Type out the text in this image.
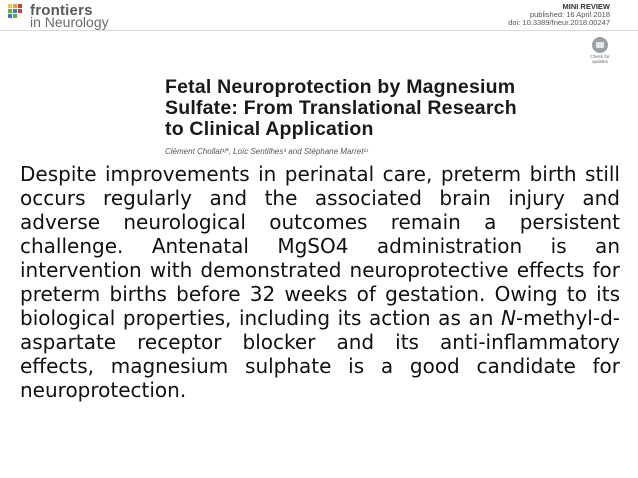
frontiers
in Neurology
MINI REVIEW
published: 16 April 2018
doi: 10.3389/fneur.2018.00247
Check for updates
Fetal Neuroprotection by Magnesium
Sulfate: From Translational Research
to Clinical Application
Clément Chollat¹ʲ*, Loïc Sentilhes³ and Stéphane Marret¹ʴ

Despite improvements in perinatal care, preterm birth still occurs regularly and the associated brain injury and adverse neurological outcomes remain a persistent challenge. Antenatal MgSO4 administration is an intervention with demonstrated neuroprotective effects for preterm births before 32 weeks of gestation. Owing to its biological properties, including its action as an N-methyl-d-aspartate receptor blocker and its anti-inflammatory effects, magnesium sulphate is a good candidate for neuroprotection.
